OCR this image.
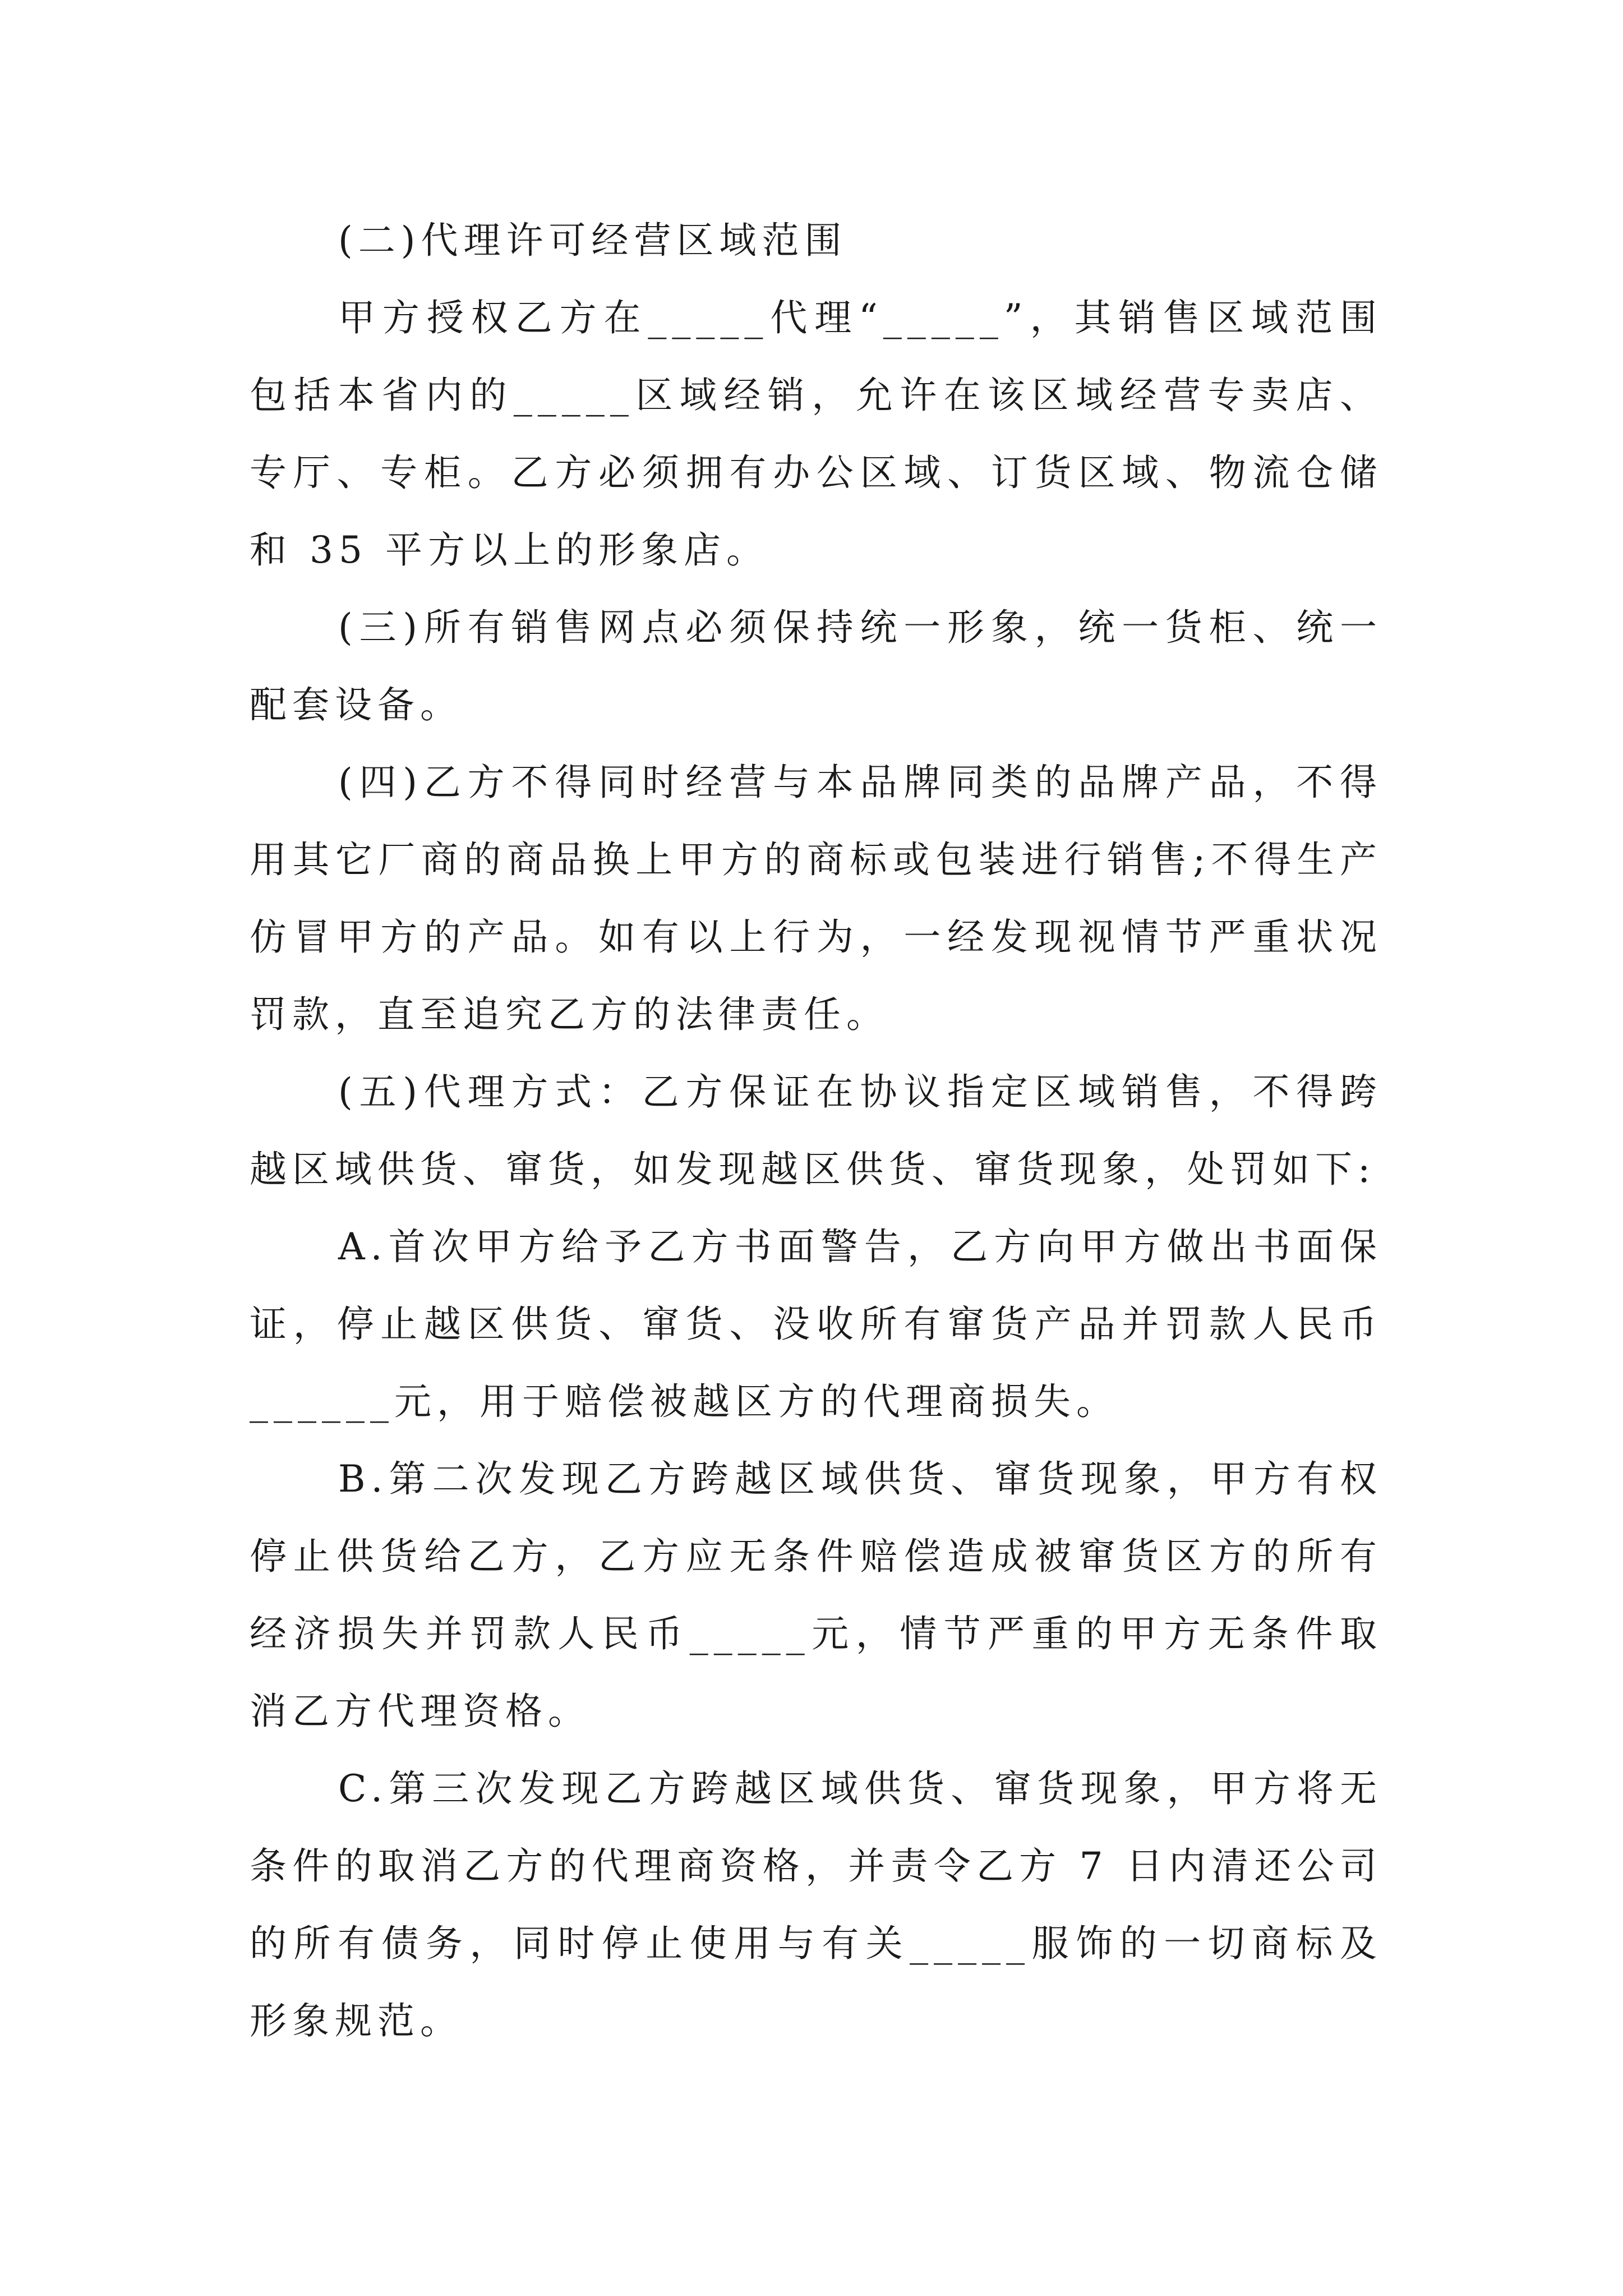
(二)代理许可经营区域范围

甲方授权乙方在_____代理“_____”，其销售区域范围包括本省内的_____区域经销，允许在该区域经营专卖店、专厅、专柜。乙方必须拥有办公区域、订货区域、物流仓储和 35 平方以上的形象店。

(三)所有销售网点必须保持统一形象，统一货柜、统一配套设备。

(四)乙方不得同时经营与本品牌同类的品牌产品，不得用其它厂商的商品换上甲方的商标或包装进行销售;不得生产仿冒甲方的产品。如有以上行为，一经发现视情节严重状况罚款，直至追究乙方的法律责任。

(五)代理方式：乙方保证在协议指定区域销售，不得跨越区域供货、窜货，如发现越区供货、窜货现象，处罚如下:

A.首次甲方给予乙方书面警告，乙方向甲方做出书面保证，停止越区供货、窜货、没收所有窜货产品并罚款人民币______元，用于赔偿被越区方的代理商损失。

B.第二次发现乙方跨越区域供货、窜货现象，甲方有权停止供货给乙方，乙方应无条件赔偿造成被窜货区方的所有经济损失并罚款人民币_____元，情节严重的甲方无条件取消乙方代理资格。

C.第三次发现乙方跨越区域供货、窜货现象，甲方将无条件的取消乙方的代理商资格，并责令乙方 7 日内清还公司的所有债务，同时停止使用与有关_____服饰的一切商标及形象规范。
